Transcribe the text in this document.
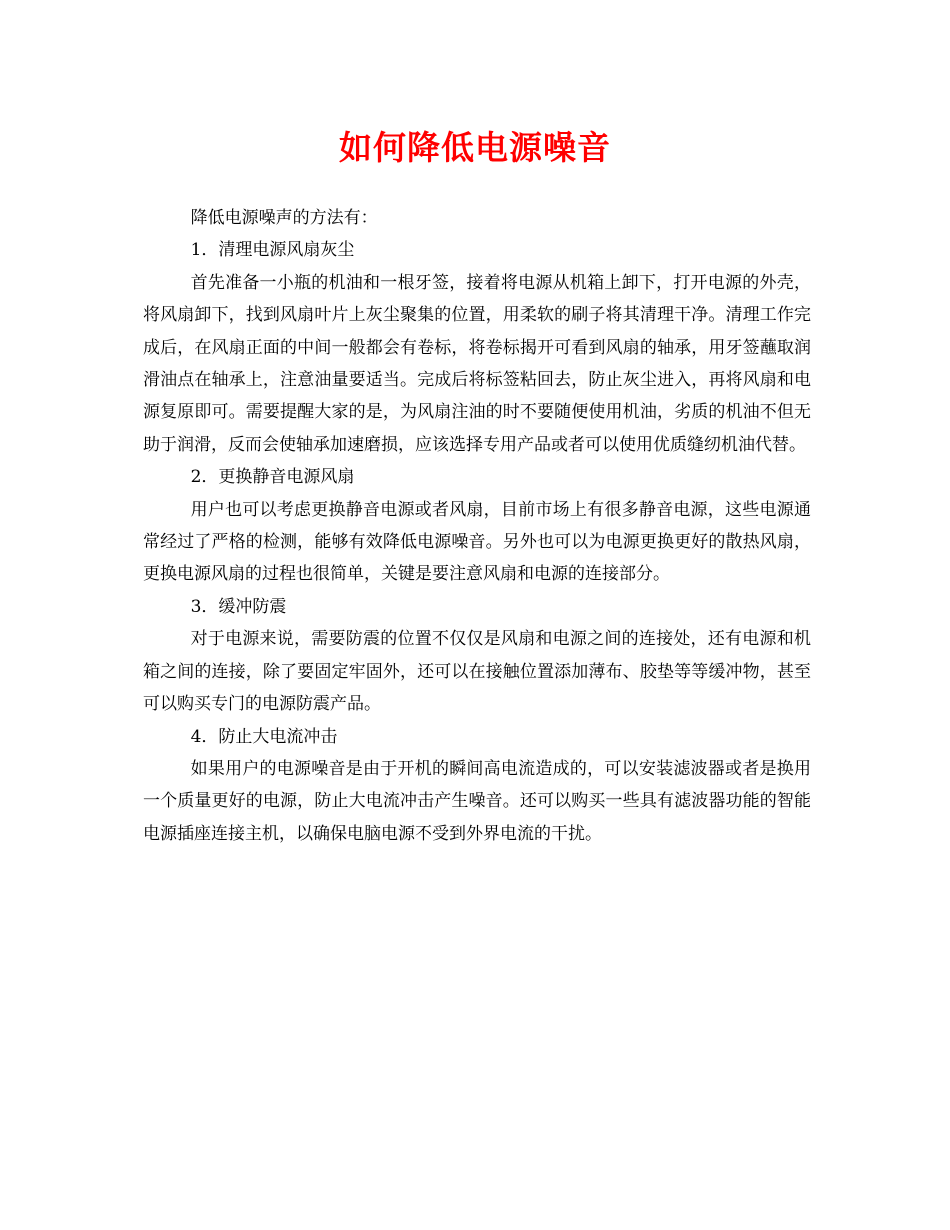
如何降低电源噪音

降低电源噪声的方法有：

1．清理电源风扇灰尘

首先准备一小瓶的机油和一根牙签，接着将电源从机箱上卸下，打开电源的外壳，将风扇卸下，找到风扇叶片上灰尘聚集的位置，用柔软的刷子将其清理干净。清理工作完成后，在风扇正面的中间一般都会有卷标，将卷标揭开可看到风扇的轴承，用牙签蘸取润滑油点在轴承上，注意油量要适当。完成后将标签粘回去，防止灰尘进入，再将风扇和电源复原即可。需要提醒大家的是，为风扇注油的时不要随便使用机油，劣质的机油不但无助于润滑，反而会使轴承加速磨损，应该选择专用产品或者可以使用优质缝纫机油代替。

2．更换静音电源风扇

用户也可以考虑更换静音电源或者风扇，目前市场上有很多静音电源，这些电源通常经过了严格的检测，能够有效降低电源噪音。另外也可以为电源更换更好的散热风扇，更换电源风扇的过程也很简单，关键是要注意风扇和电源的连接部分。

3．缓冲防震

对于电源来说，需要防震的位置不仅仅是风扇和电源之间的连接处，还有电源和机箱之间的连接，除了要固定牢固外，还可以在接触位置添加薄布、胶垫等等缓冲物，甚至可以购买专门的电源防震产品。

4．防止大电流冲击

如果用户的电源噪音是由于开机的瞬间高电流造成的，可以安装滤波器或者是换用一个质量更好的电源，防止大电流冲击产生噪音。还可以购买一些具有滤波器功能的智能电源插座连接主机，以确保电脑电源不受到外界电流的干扰。
